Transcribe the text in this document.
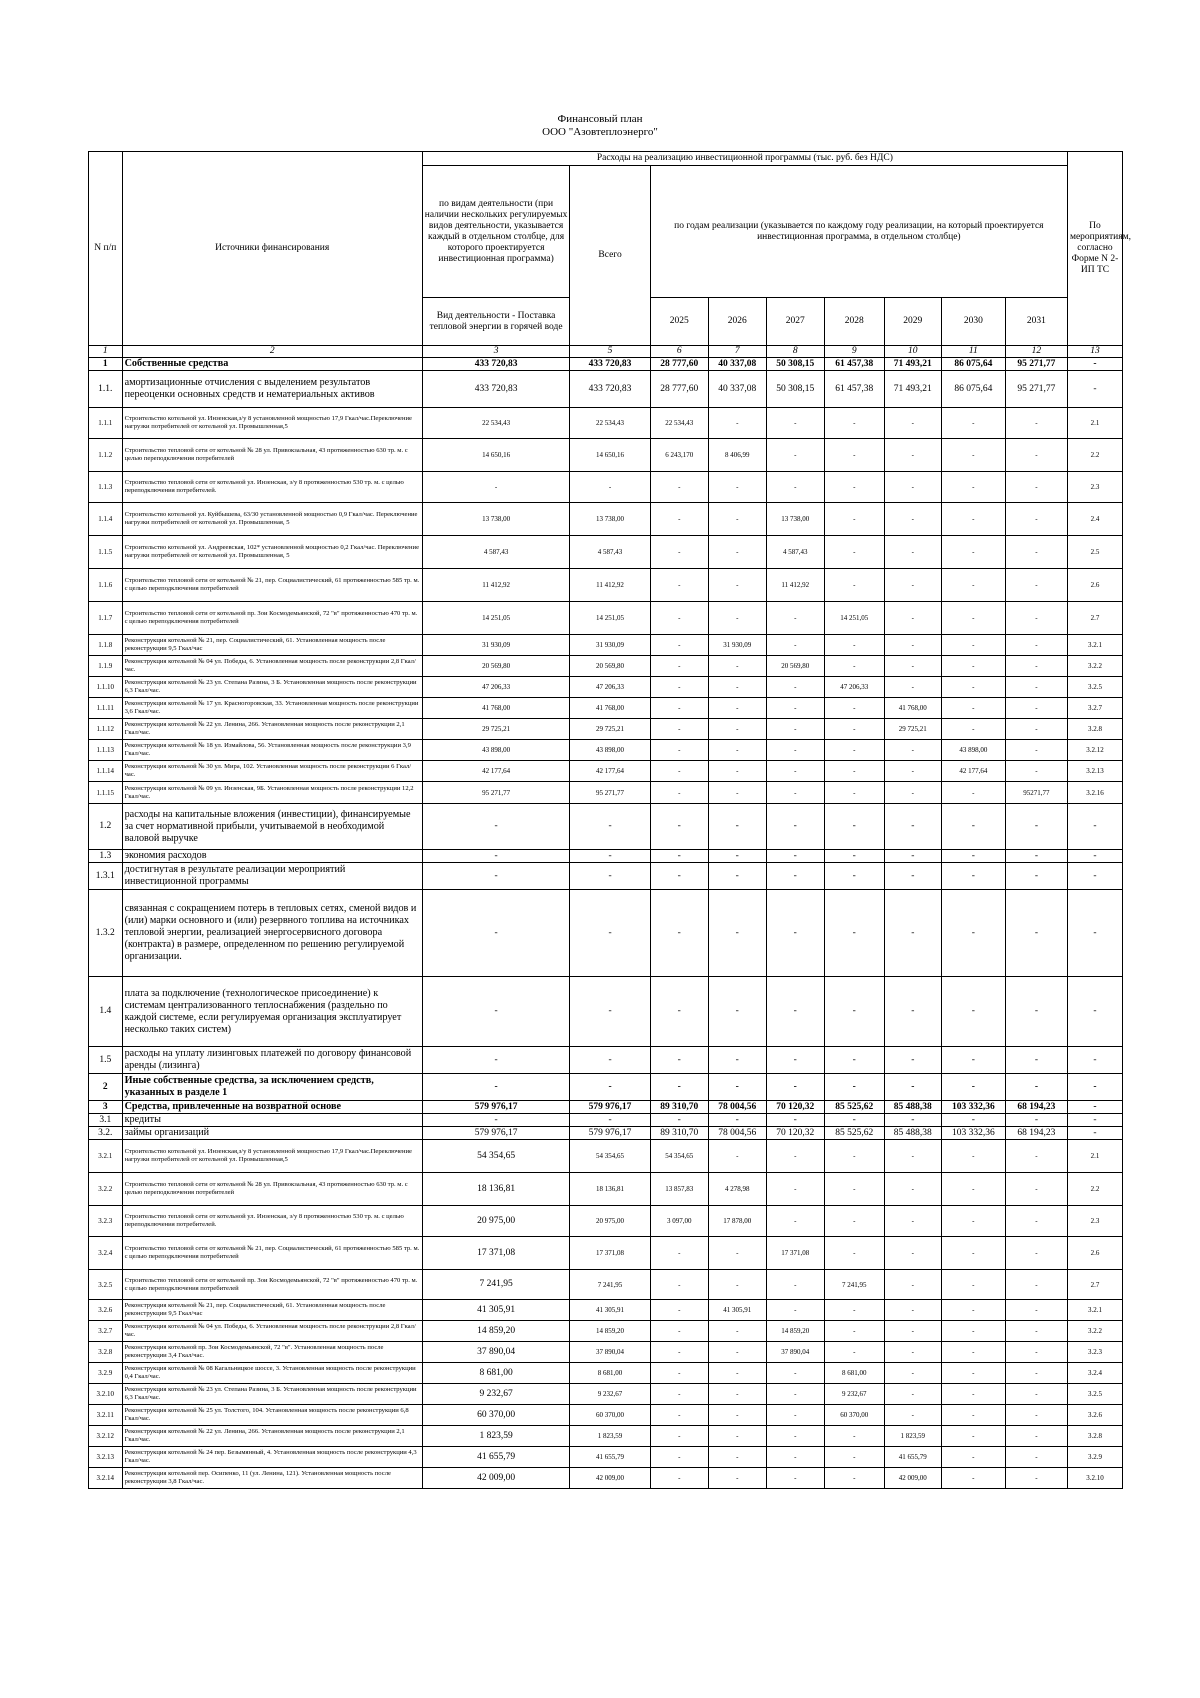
Финансовый план
ООО "Азовтеплоэнерго"
N п/п	Источники финансирования	Расходы на реализацию инвестиционной программы (тыс. руб. без НДС)									По мероприятиям, согласно Форме N 2-ИП ТС
		по видам деятельности (при наличии нескольких регулируемых видов деятельности, указывается каждый в отдельном столбце, для которого проектируется инвестиционная программа)	Всего	по годам реализации (указывается по каждому году реализации, на который проектируется инвестиционная программа, в отдельном столбце)							
		Вид деятельности - Поставка тепловой энергии в горячей воде		2025	2026	2027	2028	2029	2030	2031	
1	2	3	5	6	7	8	9	10	11	12	13
1	Собственные средства	433 720,83	433 720,83	28 777,60	40 337,08	50 308,15	61 457,38	71 493,21	86 075,64	95 271,77	-
1.1.	амортизационные отчисления с выделением результатов переоценки основных средств и нематериальных активов	433 720,83	433 720,83	28 777,60	40 337,08	50 308,15	61 457,38	71 493,21	86 075,64	95 271,77	-
1.1.1	Строительство котельной ул. Инзенская,з/у 8 установленной мощностью 17,9 Гкал/час.Переключение нагрузки потребителей от котельной ул. Промышленная,5	22 534,43	22 534,43	22 534,43	-	-	-	-	-	-	2.1
1.1.2	Строительство тепловой сети от котельной № 28 ул. Привокзальная, 43 протяженностью 630 тр. м. с целью переподключения потребителей	14 650,16	14 650,16	6 243,170	8 406,99	-	-	-	-	-	2.2
1.1.3	Строительство тепловой сети от котельной ул. Инзенская, з/у 8 протяженностью 530 тр. м. с целью переподключения потребителей.	-	-	-	-	-	-	-	-	-	2.3
1.1.4	Строительство котельной ул. Куйбышева, 63/30 установленной мощностью 0,9 Гкал/час. Переключение нагрузки потребителей от котельной ул. Промышленная, 5	13 738,00	13 738,00	-	-	13 738,00	-	-	-	-	2.4
1.1.5	Строительство котельной ул. Андреевская, 102* установленной мощностью 0,2 Гкал/час. Переключение нагрузки потребителей от котельной ул. Промышленная, 5	4 587,43	4 587,43	-	-	4 587,43	-	-	-	-	2.5
1.1.6	Строительство тепловой сети от котельной № 21, пер. Социалистический, 61 протяженностью 585 тр. м. с целью переподключения потребителей	11 412,92	11 412,92	-	-	11 412,92	-	-	-	-	2.6
1.1.7	Строительство тепловой сети от котельной пр. Зои Космодемьянской, 72 "в" протяженностью 470 тр. м. с целью переподключения потребителей	14 251,05	14 251,05	-	-	-	14 251,05	-	-	-	2.7
1.1.8	Реконструкция котельной № 21, пер. Социалистический, 61. Установленная мощность после реконструкции 9,5 Гкал/час	31 930,09	31 930,09	-	31 930,09	-	-	-	-	-	3.2.1
1.1.9	Реконструкция котельной № 04 ул. Победы, 6. Установленная мощность после реконструкции 2,8 Гкал/час.	20 569,80	20 569,80	-	-	20 569,80	-	-	-	-	3.2.2
1.1.10	Реконструкция котельной № 23 ул. Степана Разина, 3 Б. Установленная мощность после реконструкции 6,3 Гкал/час.	47 206,33	47 206,33	-	-	-	47 206,33	-	-	-	3.2.5
1.1.11	Реконструкция котельной № 17 ул. Красногоровская, 33. Установленная мощность после реконструкции 3,6 Гкал/час.	41 768,00	41 768,00	-	-	-	-	41 768,00	-	-	3.2.7
1.1.12	Реконструкция котельной № 22 ул. Ленина, 266. Установленная мощность после реконструкции 2,1 Гкал/час.	29 725,21	29 725,21	-	-	-	-	29 725,21	-	-	3.2.8
1.1.13	Реконструкция котельной № 18 ул. Измайлова, 56. Установленная мощность после реконструкции 3,9 Гкал/час.	43 898,00	43 898,00	-	-	-	-	-	43 898,00	-	3.2.12
1.1.14	Реконструкция котельной № 30 ул. Мира, 102. Установленная мощность после реконструкции 6 Гкал/час.	42 177,64	42 177,64	-	-	-	-	-	42 177,64	-	3.2.13
1.1.15	Реконструкция котельной № 09 ул. Инзенская, 9Б. Установленная мощность после реконструкции 12,2 Гкал/час.	95 271,77	95 271,77	-	-	-	-	-	-	95271,77	3.2.16
1.2	расходы на капитальные вложения (инвестиции), финансируемые за счет нормативной прибыли, учитываемой в необходимой валовой выручке	-	-	-	-	-	-	-	-	-	-
1.3	экономия расходов	-	-	-	-	-	-	-	-	-	-
1.3.1	достигнутая в результате реализации мероприятий инвестиционной программы	-	-	-	-	-	-	-	-	-	-
1.3.2	связанная с сокращением потерь в тепловых сетях, сменой видов и (или) марки основного и (или) резервного топлива на источниках тепловой энергии, реализацией энергосервисного договора (контракта) в размере, определенном по решению регулируемой организации.	-	-	-	-	-	-	-	-	-	-
1.4	плата за подключение (технологическое присоединение) к системам централизованного теплоснабжения (раздельно по каждой системе, если регулируемая организация эксплуатирует несколько таких систем)	-	-	-	-	-	-	-	-	-	-
1.5	расходы на уплату лизинговых платежей по договору финансовой аренды (лизинга)	-	-	-	-	-	-	-	-	-	-
2	Иные собственные средства, за исключением средств, указанных в разделе 1	-	-	-	-	-	-	-	-	-	-
3	Средства, привлеченные на возвратной основе	579 976,17	579 976,17	89 310,70	78 004,56	70 120,32	85 525,62	85 488,38	103 332,36	68 194,23	-
3.1	кредиты	-	-	-	-	-	-	-	-	-	-
3.2.	займы организаций	579 976,17	579 976,17	89 310,70	78 004,56	70 120,32	85 525,62	85 488,38	103 332,36	68 194,23	-
3.2.1	Строительство котельной ул. Инзенская,з/у 8 установленной мощностью 17,9 Гкал/час.Переключение нагрузки потребителей от котельной ул. Промышленная,5	54 354,65	54 354,65	54 354,65	-	-	-	-	-	-	2.1
3.2.2	Строительство тепловой сети от котельной № 28 ул. Привокзальная, 43 протяженностью 630 тр. м. с целью переподключения потребителей	18 136,81	18 136,81	13 857,83	4 278,98	-	-	-	-	-	2.2
3.2.3	Строительство тепловой сети от котельной ул. Инзенская, з/у 8 протяженностью 530 тр. м. с целью переподключения потребителей.	20 975,00	20 975,00	3 097,00	17 878,00	-	-	-	-	-	2.3
3.2.4	Строительство тепловой сети от котельной № 21, пер. Социалистический, 61 протяженностью 585 тр. м. с целью переподключения потребителей	17 371,08	17 371,08	-	-	17 371,08	-	-	-	-	2.6
3.2.5	Строительство тепловой сети от котельной пр. Зои Космодемьянской, 72 "в" протяженностью 470 тр. м. с целью переподключения потребителей	7 241,95	7 241,95	-	-	-	7 241,95	-	-	-	2.7
3.2.6	Реконструкция котельной № 21, пер. Социалистический, 61. Установленная мощность после реконструкции 9,5 Гкал/час	41 305,91	41 305,91	-	41 305,91	-	-	-	-	-	3.2.1
3.2.7	Реконструкция котельной № 04 ул. Победы, 6. Установленная мощность после реконструкции 2,8 Гкал/час.	14 859,20	14 859,20	-	-	14 859,20	-	-	-	-	3.2.2
3.2.8	Реконструкция котельной пр. Зои Космодемьянской, 72 "в". Установленная мощность после реконструкции 3,4 Гкал/час.	37 890,04	37 890,04	-	-	37 890,04	-	-	-	-	3.2.3
3.2.9	Реконструкция котельной № 08 Кагальницкое шоссе, 3. Установленная мощность после реконструкции 0,4 Гкал/час.	8 681,00	8 681,00	-	-	-	8 681,00	-	-	-	3.2.4
3.2.10	Реконструкция котельной № 23 ул. Степана Разина, 3 Б. Установленная мощность после реконструкции 6,3 Гкал/час.	9 232,67	9 232,67	-	-	-	9 232,67	-	-	-	3.2.5
3.2.11	Реконструкция котельной № 25 ул. Толстого, 104. Установленная мощность после реконструкции 6,8 Гкал/час.	60 370,00	60 370,00	-	-	-	60 370,00	-	-	-	3.2.6
3.2.12	Реконструкция котельной № 22 ул. Ленина, 266. Установленная мощность после реконструкции 2,1 Гкал/час.	1 823,59	1 823,59	-	-	-	-	1 823,59	-	-	3.2.8
3.2.13	Реконструкция котельной № 24 пер. Безымянный, 4. Установленная мощность после реконструкции 4,3 Гкал/час.	41 655,79	41 655,79	-	-	-	-	41 655,79	-	-	3.2.9
3.2.14	Реконструкция котельной пер. Осипенко, 11 (ул. Ленина, 121). Установленная мощность после реконструкции 3,8 Гкал/час.	42 009,00	42 009,00	-	-	-	-	42 009,00	-	-	3.2.10
